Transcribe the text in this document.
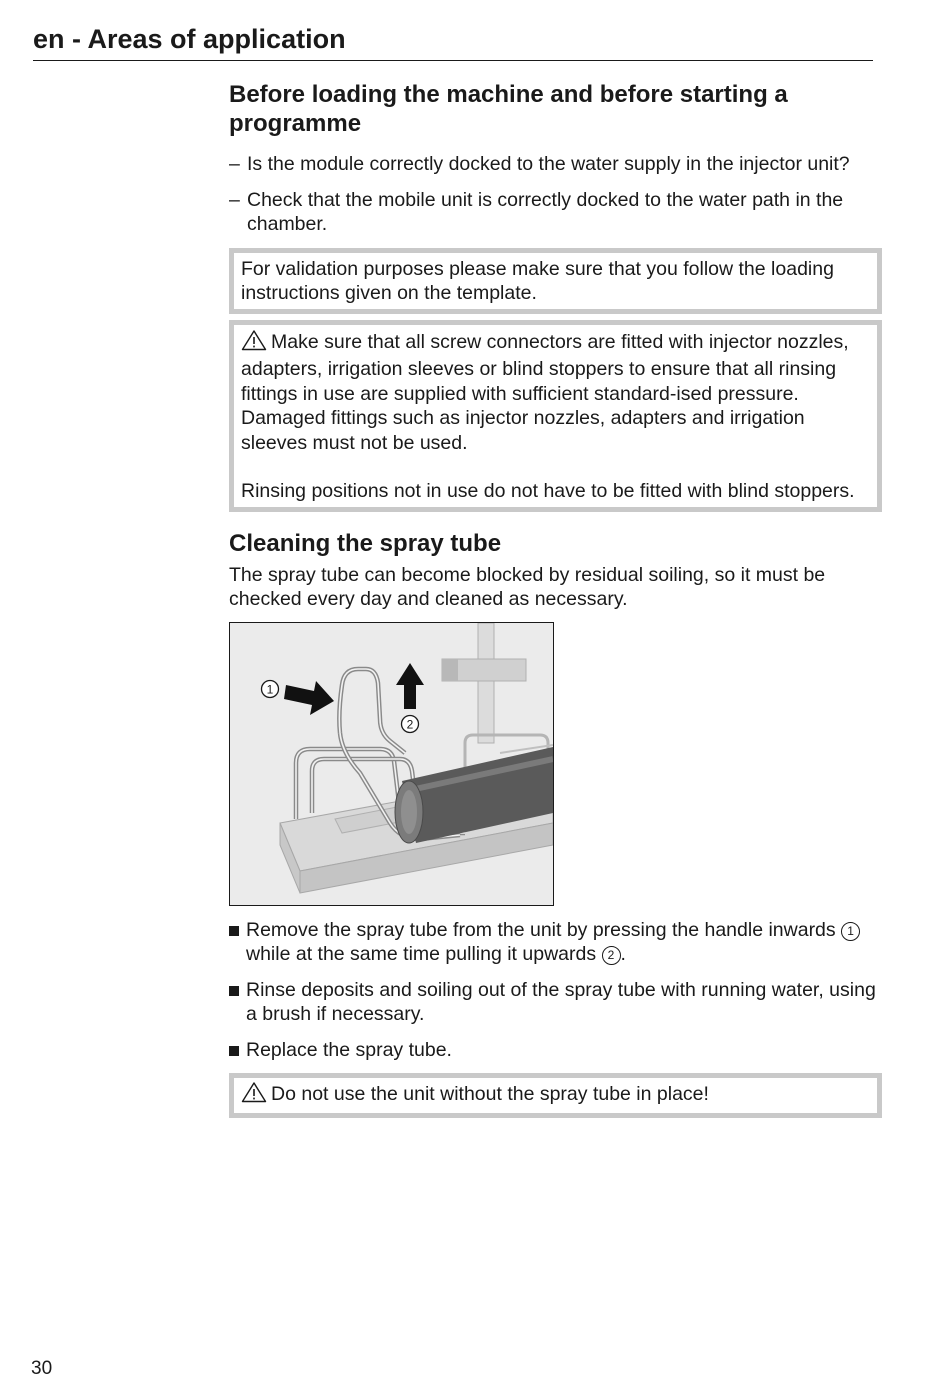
en - Areas of application
Before loading the machine and before starting a programme
– Is the module correctly docked to the water supply in the injector unit?
– Check that the mobile unit is correctly docked to the water path in the chamber.
For validation purposes please make sure that you follow the loading instructions given on the template.
Make sure that all screw connectors are fitted with injector nozzles, adapters, irrigation sleeves or blind stoppers to ensure that all rinsing fittings in use are supplied with sufficient standard-ised pressure.
Damaged fittings such as injector nozzles, adapters and irrigation sleeves must not be used.
Rinsing positions not in use do not have to be fitted with blind stoppers.
Cleaning the spray tube

The spray tube can become blocked by residual soiling, so it must be checked every day and cleaned as necessary.

1
2
Remove the spray tube from the unit by pressing the handle inwards 1 while at the same time pulling it upwards 2 .
Rinse deposits and soiling out of the spray tube with running water, using a brush if necessary.
Replace the spray tube.
Do not use the unit without the spray tube in place!
30
